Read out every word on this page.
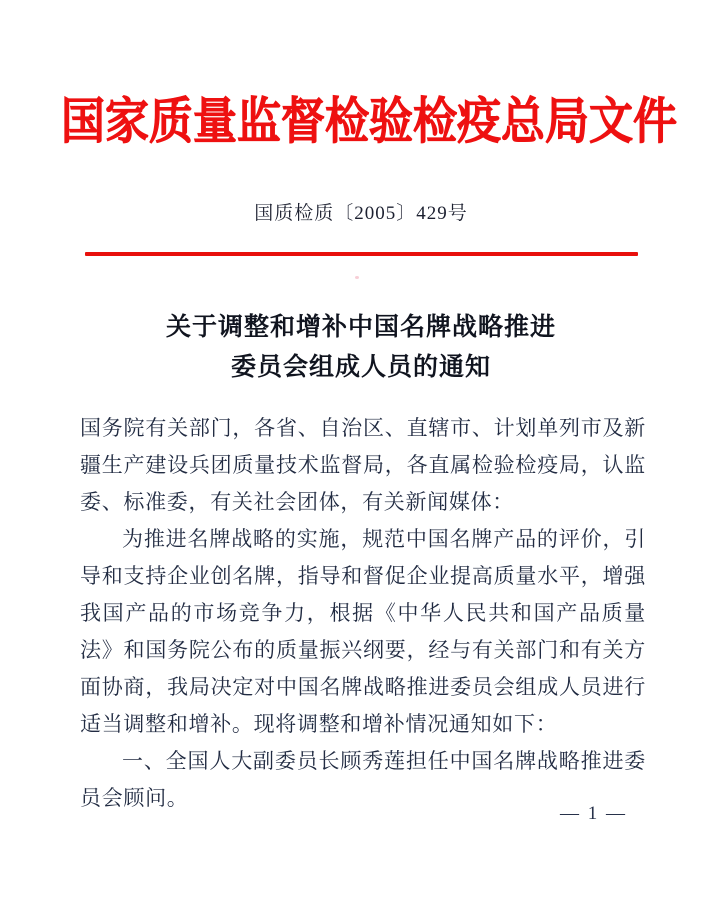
国家质量监督检验检疫总局文件
国质检质〔2005〕429号
关于调整和增补中国名牌战略推进
委员会组成人员的通知

国务院有关部门，各省、自治区、直辖市、计划单列市及新疆生产建设兵团质量技术监督局，各直属检验检疫局，认监委、标准委，有关社会团体，有关新闻媒体：

为推进名牌战略的实施，规范中国名牌产品的评价，引导和支持企业创名牌，指导和督促企业提高质量水平，增强我国产品的市场竞争力，根据《中华人民共和国产品质量法》和国务院公布的质量振兴纲要，经与有关部门和有关方面协商，我局决定对中国名牌战略推进委员会组成人员进行适当调整和增补。现将调整和增补情况通知如下：

一、全国人大副委员长顾秀莲担任中国名牌战略推进委员会顾问。

— 1 —
